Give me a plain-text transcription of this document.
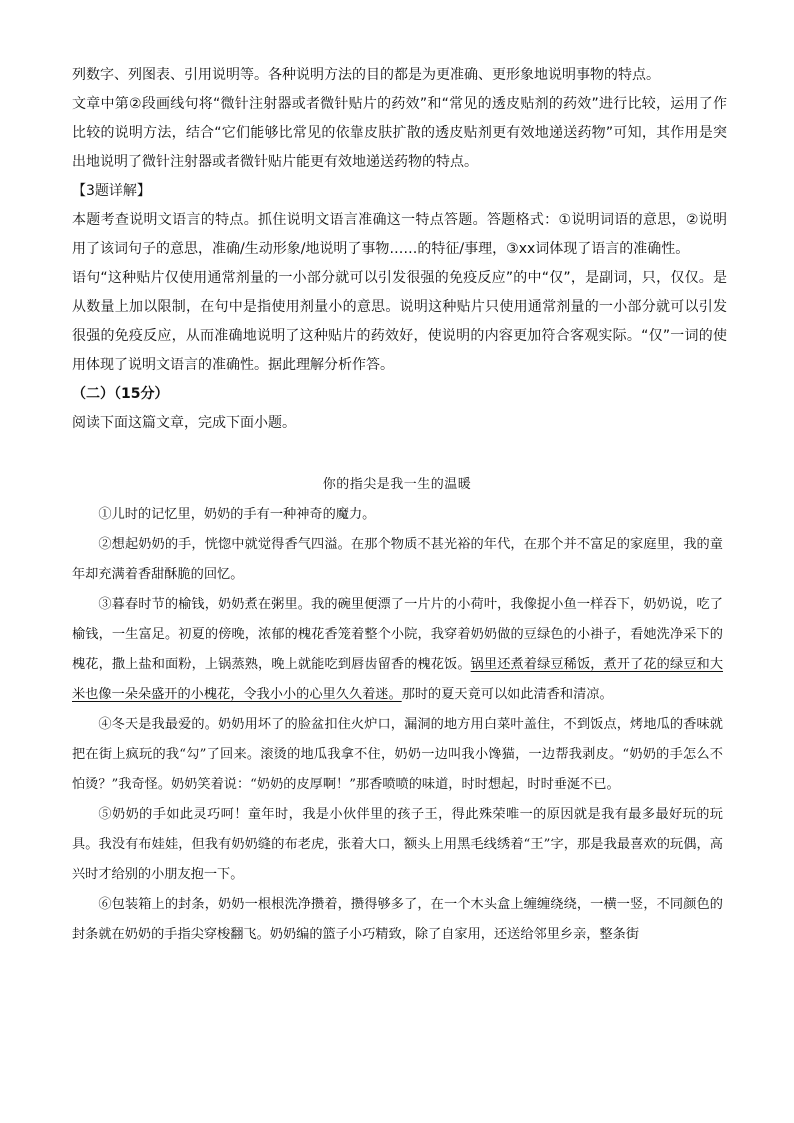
列数字、列图表、引用说明等。各种说明方法的目的都是为更准确、更形象地说明事物的特点。

文章中第②段画线句将“微针注射器或者微针贴片的药效”和“常见的透皮贴剂的药效”进行比较，运用了作比较的说明方法，结合“它们能够比常见的依靠皮肤扩散的透皮贴剂更有效地递送药物”可知，其作用是突出地说明了微针注射器或者微针贴片能更有效地递送药物的特点。

【3题详解】

本题考查说明文语言的特点。抓住说明文语言准确这一特点答题。答题格式：①说明词语的意思，②说明用了该词句子的意思，准确/生动形象/地说明了事物……的特征/事理，③xx词体现了语言的准确性。

语句“这种贴片仅使用通常剂量的一小部分就可以引发很强的免疫反应”的中“仅”，是副词，只，仅仅。是从数量上加以限制，在句中是指使用剂量小的意思。说明这种贴片只使用通常剂量的一小部分就可以引发很强的免疫反应，从而准确地说明了这种贴片的药效好，使说明的内容更加符合客观实际。“仅”一词的使用体现了说明文语言的准确性。据此理解分析作答。

（二）（15分）

阅读下面这篇文章，完成下面小题。

你的指尖是我一生的温暖

①儿时的记忆里，奶奶的手有一种神奇的魔力。

②想起奶奶的手，恍惚中就觉得香气四溢。在那个物质不甚光裕的年代，在那个并不富足的家庭里，我的童年却充满着香甜酥脆的回忆。

③暮春时节的榆钱，奶奶煮在粥里。我的碗里便漂了一片片的小荷叶，我像捉小鱼一样吞下，奶奶说，吃了榆钱，一生富足。初夏的傍晚，浓郁的槐花香笼着整个小院，我穿着奶奶做的豆绿色的小褂子，看她洗净采下的槐花，撒上盐和面粉，上锅蒸熟，晚上就能吃到唇齿留香的槐花饭。锅里还煮着绿豆稀饭，煮开了花的绿豆和大米也像一朵朵盛开的小槐花，令我小小的心里久久着迷。那时的夏天竟可以如此清香和清凉。

④冬天是我最爱的。奶奶用坏了的脸盆扣住火炉口，漏洞的地方用白菜叶盖住，不到饭点，烤地瓜的香味就把在街上疯玩的我“勾”了回来。滚烫的地瓜我拿不住，奶奶一边叫我小馋猫，一边帮我剥皮。“奶奶的手怎么不怕烫？”我奇怪。奶奶笑着说：“奶奶的皮厚啊！”那香喷喷的味道，时时想起，时时垂涎不已。

⑤奶奶的手如此灵巧呵！童年时，我是小伙伴里的孩子王，得此殊荣唯一的原因就是我有最多最好玩的玩具。我没有布娃娃，但我有奶奶缝的布老虎，张着大口，额头上用黑毛线绣着“王”字，那是我最喜欢的玩偶，高兴时才给别的小朋友抱一下。

⑥包装箱上的封条，奶奶一根根洗净攒着，攒得够多了，在一个木头盒上缠缠绕绕，一横一竖，不同颜色的封条就在奶奶的手指尖穿梭翻飞。奶奶编的篮子小巧精致，除了自家用，还送给邻里乡亲，整条街
